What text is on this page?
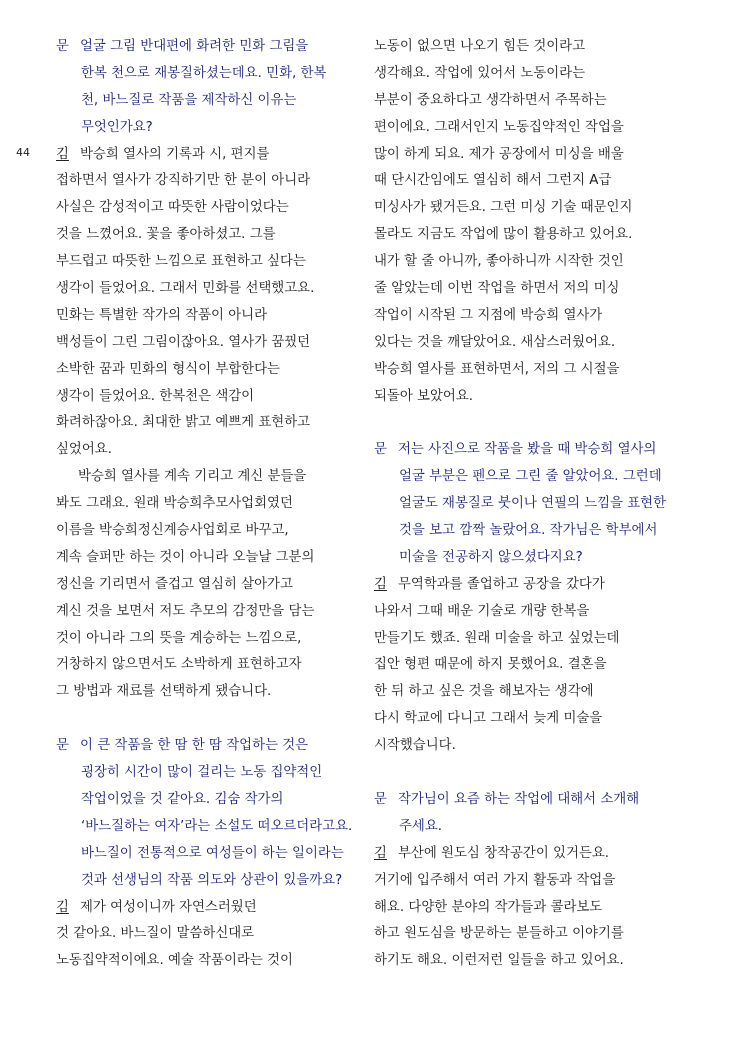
44
문 얼굴 그림 반대편에 화려한 민화 그림을
한복 천으로 재봉질하셨는데요. 민화, 한복
천, 바느질로 작품을 제작하신 이유는
무엇인가요?
김 박승희 열사의 기록과 시, 편지를
접하면서 열사가 강직하기만 한 분이 아니라
사실은 감성적이고 따뜻한 사람이었다는
것을 느꼈어요. 꽃을 좋아하셨고. 그를
부드럽고 따뜻한 느낌으로 표현하고 싶다는
생각이 들었어요. 그래서 민화를 선택했고요.
민화는 특별한 작가의 작품이 아니라
백성들이 그린 그림이잖아요. 열사가 꿈꿨던
소박한 꿈과 민화의 형식이 부합한다는
생각이 들었어요. 한복천은 색감이
화려하잖아요. 최대한 밝고 예쁘게 표현하고
싶었어요.
박승희 열사를 계속 기리고 계신 분들을
봐도 그래요. 원래 박승희추모사업회였던
이름을 박승희정신계승사업회로 바꾸고,
계속 슬퍼만 하는 것이 아니라 오늘날 그분의
정신을 기리면서 즐겁고 열심히 살아가고
계신 것을 보면서 저도 추모의 감정만을 담는
것이 아니라 그의 뜻을 계승하는 느낌으로,
거창하지 않으면서도 소박하게 표현하고자
그 방법과 재료를 선택하게 됐습니다.
문 이 큰 작품을 한 땀 한 땀 작업하는 것은
굉장히 시간이 많이 걸리는 노동 집약적인
작업이었을 것 같아요. 김숨 작가의
‘바느질하는 여자’라는 소설도 떠오르더라고요.
바느질이 전통적으로 여성들이 하는 일이라는
것과 선생님의 작품 의도와 상관이 있을까요?
김 제가 여성이니까 자연스러웠던
것 같아요. 바느질이 말씀하신대로
노동집약적이에요. 예술 작품이라는 것이
노동이 없으면 나오기 힘든 것이라고
생각해요. 작업에 있어서 노동이라는
부분이 중요하다고 생각하면서 주목하는
편이에요. 그래서인지 노동집약적인 작업을
많이 하게 되요. 제가 공장에서 미싱을 배울
때 단시간임에도 열심히 해서 그런지 A급
미싱사가 됐거든요. 그런 미싱 기술 때문인지
몰라도 지금도 작업에 많이 활용하고 있어요.
내가 할 줄 아니까, 좋아하니까 시작한 것인
줄 알았는데 이번 작업을 하면서 저의 미싱
작업이 시작된 그 지점에 박승희 열사가
있다는 것을 깨달았어요. 새삼스러웠어요.
박승희 열사를 표현하면서, 저의 그 시절을
되돌아 보았어요.
문 저는 사진으로 작품을 봤을 때 박승희 열사의
얼굴 부분은 펜으로 그린 줄 알았어요. 그런데
얼굴도 재봉질로 붓이나 연필의 느낌을 표현한
것을 보고 깜짝 놀랐어요. 작가님은 학부에서
미술을 전공하지 않으셨다지요?
김 무역학과를 졸업하고 공장을 갔다가
나와서 그때 배운 기술로 개량 한복을
만들기도 했죠. 원래 미술을 하고 싶었는데
집안 형편 때문에 하지 못했어요. 결혼을
한 뒤 하고 싶은 것을 해보자는 생각에
다시 학교에 다니고 그래서 늦게 미술을
시작했습니다.
문 작가님이 요즘 하는 작업에 대해서 소개해
주세요.
김 부산에 원도심 창작공간이 있거든요.
거기에 입주해서 여러 가지 활동과 작업을
해요. 다양한 분야의 작가들과 콜라보도
하고 원도심을 방문하는 분들하고 이야기를
하기도 해요. 이런저런 일들을 하고 있어요.
